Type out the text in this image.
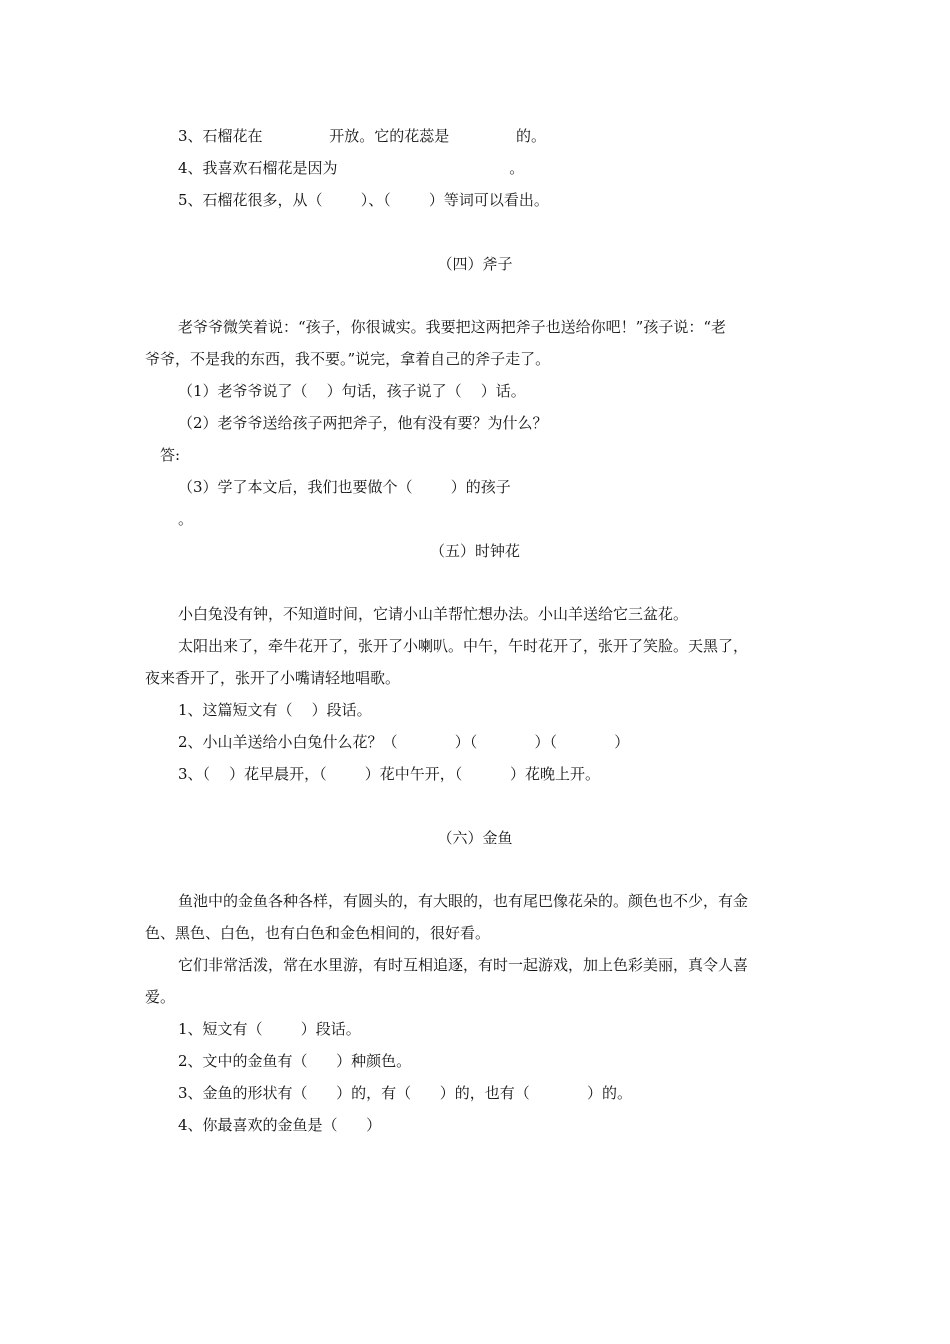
3、石榴花在              开放。它的花蕊是              的。
4、我喜欢石榴花是因为                                    。
5、石榴花很多，从（        ）、（        ）等词可以看出。
（四）斧子
老爷爷微笑着说：“孩子，你很诚实。我要把这两把斧子也送给你吧！”孩子说：“老
爷爷，不是我的东西，我不要。”说完，拿着自己的斧子走了。
（1）老爷爷说了（    ）句话，孩子说了（    ）话。
（2）老爷爷送给孩子两把斧子，他有没有要？为什么？
答:
（3）学了本文后，我们也要做个（        ）的孩子
。
（五）时钟花
小白兔没有钟，不知道时间，它请小山羊帮忙想办法。小山羊送给它三盆花。
太阳出来了，牵牛花开了，张开了小喇叭。中午，午时花开了，张开了笑脸。天黑了，
夜来香开了，张开了小嘴请轻地唱歌。
1、这篇短文有（    ）段话。
2、小山羊送给小白兔什么花？（            ）（            ）（            ）
3、（    ）花早晨开，（        ）花中午开，（          ）花晚上开。
（六）金鱼
鱼池中的金鱼各种各样，有圆头的，有大眼的，也有尾巴像花朵的。颜色也不少，有金
色、黑色、白色，也有白色和金色相间的，很好看。
它们非常活泼，常在水里游，有时互相追逐，有时一起游戏，加上色彩美丽，真令人喜
爱。
1、短文有（        ）段话。
2、文中的金鱼有（      ）种颜色。
3、金鱼的形状有（      ）的，有（      ）的，也有（            ）的。
4、你最喜欢的金鱼是（      ）
